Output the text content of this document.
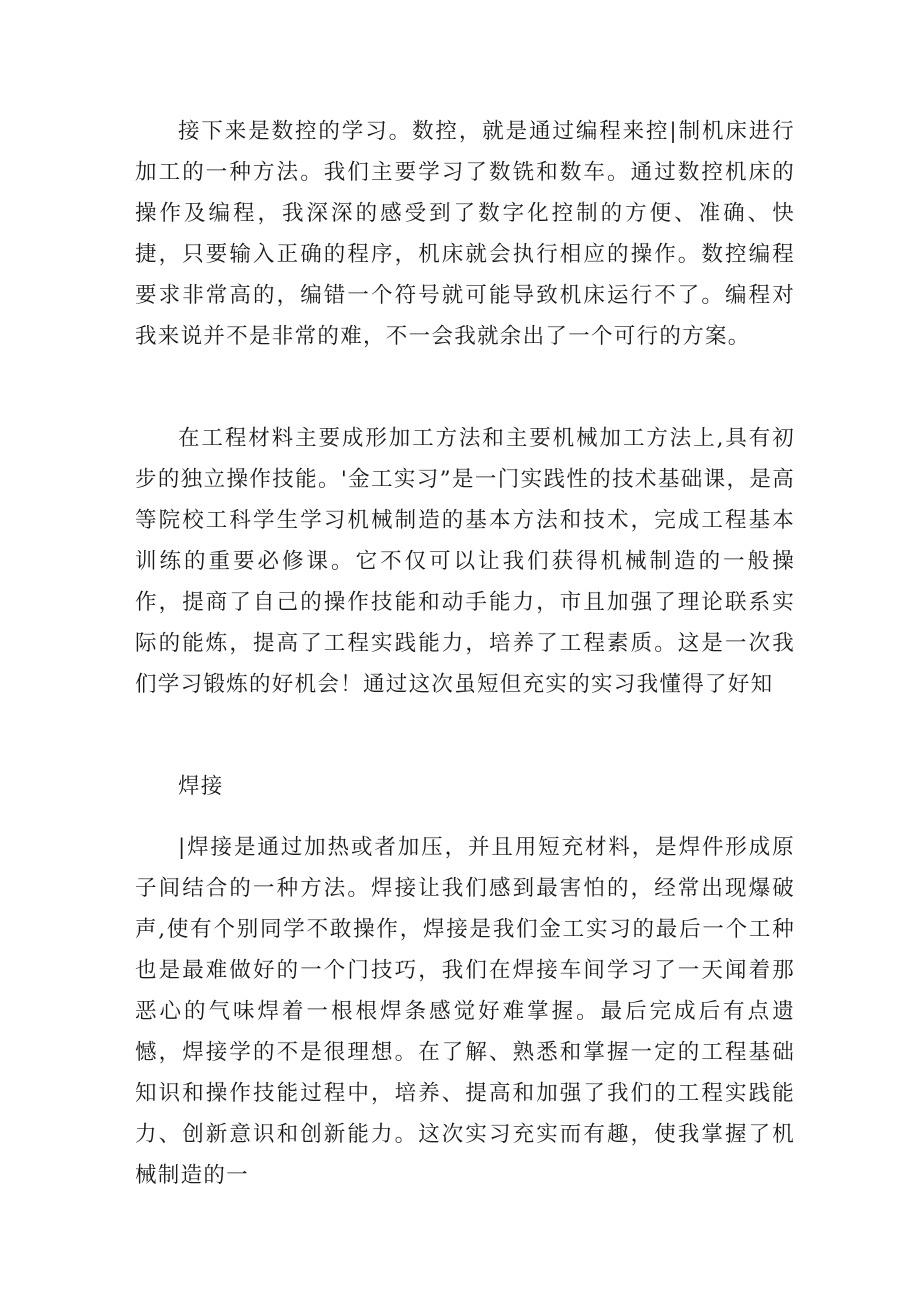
接下来是数控的学习。数控，就是通过编程来控|制机床进行加工的一种方法。我们主要学习了数铣和数车。通过数控机床的操作及编程，我深深的感受到了数字化控制的方便、准确、快捷，只要输入正确的程序，机床就会执行相应的操作。数控编程要求非常高的，编错一个符号就可能导致机床运行不了。编程对我来说并不是非常的难，不一会我就余出了一个可行的方案。

在工程材料主要成形加工方法和主要机械加工方法上,具有初步的独立操作技能。'金工实习”是一门实践性的技术基础课，是高等院校工科学生学习机械制造的基本方法和技术，完成工程基本训练的重要必修课。它不仅可以让我们获得机械制造的一般操作，提商了自己的操作技能和动手能力，市且加强了理论联系实际的能炼，提高了工程实践能力，培养了工程素质。这是一次我们学习锻炼的好机会！通过这次虽短但充实的实习我懂得了好知

焊接

|焊接是通过加热或者加压，并且用短充材料，是焊件形成原子间结合的一种方法。焊接让我们感到最害怕的，经常出现爆破声,使有个别同学不敢操作，焊接是我们金工实习的最后一个工种也是最难做好的一个门技巧，我们在焊接车间学习了一天闻着那恶心的气味焊着一根根焊条感觉好难掌握。最后完成后有点遗憾，焊接学的不是很理想。在了解、熟悉和掌握一定的工程基础知识和操作技能过程中，培养、提高和加强了我们的工程实践能力、创新意识和创新能力。这次实习充实而有趣，使我掌握了机械制造的一
